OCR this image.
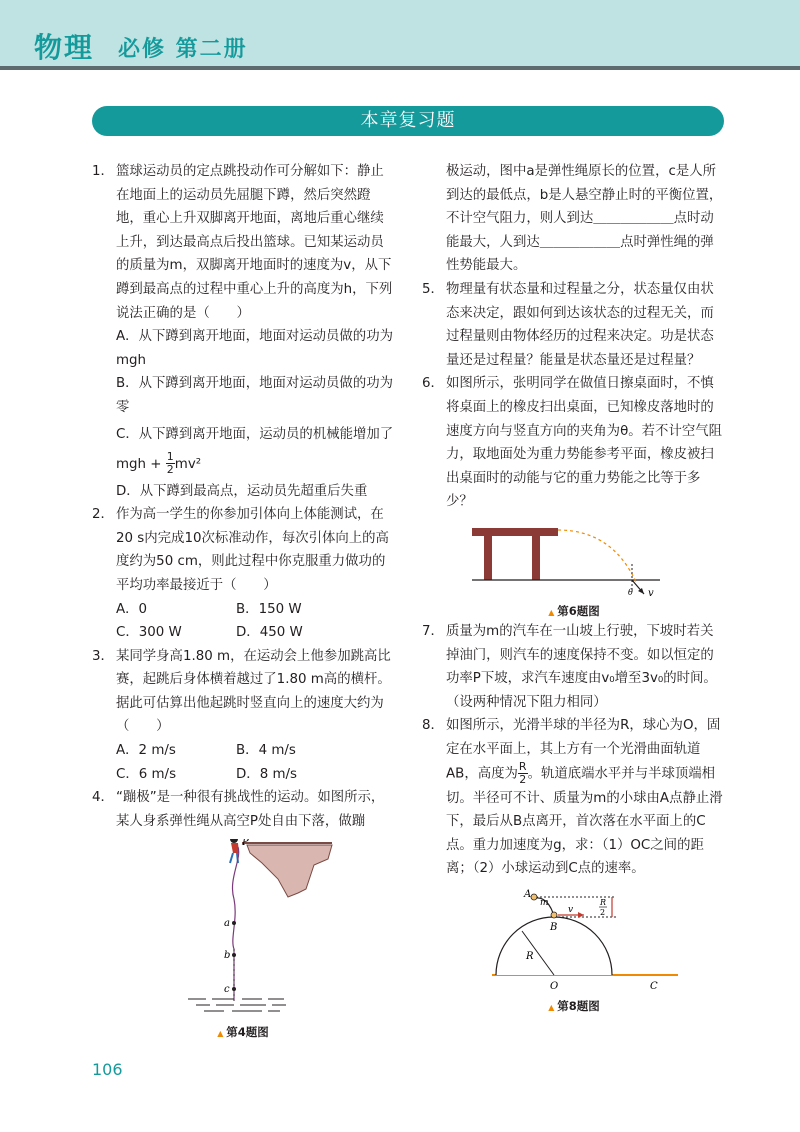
物理 必修 第二册
本章复习题
1． 篮球运动员的定点跳投动作可分解如下：静止在地面上的运动员先屈腿下蹲，然后突然蹬地，重心上升双脚离开地面，离地后重心继续上升，到达最高点后投出篮球。已知某运动员的质量为m，双脚离开地面时的速度为v，从下蹲到最高点的过程中重心上升的高度为h，下列说法正确的是（　　）
A．从下蹲到离开地面，地面对运动员做的功为mgh
B．从下蹲到离开地面，地面对运动员做的功为零
C．从下蹲到离开地面，运动员的机械能增加了mgh + $\frac{1}{2} mv^2$
D．从下蹲到最高点，运动员先超重后失重
2． 作为高一学生的你参加引体向上体能测试，在20 s内完成10次标准动作，每次引体向上的高度约为50 cm，则此过程中你克服重力做功的平均功率最接近于（　　）
A．0	B．150 W
C．300 W	D．450 W
3． 某同学身高1.80 m，在运动会上他参加跳高比赛，起跳后身体横着越过了1.80 m高的横杆。据此可估算出他起跳时竖直向上的速度大约为（　　）
A．2 m/s	B．4 m/s
C．6 m/s	D．8 m/s
4． “蹦极”是一种很有挑战性的运动。如图所示，某人身系弹性绳从高空P处自由下落，做蹦
P
a
b
c
▲ 第4题图
极运动，图中a是弹性绳原长的位置，c是人所到达的最低点，b是人悬空静止时的平衡位置，不计空气阻力，则人到达＿＿＿＿＿＿点时动能最大，人到达＿＿＿＿＿＿点时弹性绳的弹性势能最大。
5． 物理量有状态量和过程量之分，状态量仅由状态来决定，跟如何到达该状态的过程无关，而过程量则由物体经历的过程来决定。功是状态量还是过程量？能量是状态量还是过程量？
6． 如图所示，张明同学在做值日擦桌面时，不慎将桌面上的橡皮扫出桌面，已知橡皮落地时的速度方向与竖直方向的夹角为θ。若不计空气阻力，取地面处为重力势能参考平面，橡皮被扫出桌面时的动能与它的重力势能之比等于多少？
θ v
▲ 第6题图
7． 质量为m的汽车在一山坡上行驶，下坡时若关掉油门，则汽车的速度保持不变。如以恒定的功率P下坡，求汽车速度由v₀增至3v₀的时间。（设两种情况下阻力相同）
8． 如图所示，光滑半球的半径为R，球心为O，固定在水平面上，其上方有一个光滑曲面轨道AB，高度为 $\frac{R}{2}$ 。轨道底端水平并与半球顶端相切。半径可不计、质量为m的小球由A点静止滑下，最后从B点离开，首次落在水平面上的C点。重力加速度为g，求：（1）OC之间的距离；（2）小球运动到C点的速率。
A
m
B
v
R
O	C
R
2
▲ 第8题图
106
